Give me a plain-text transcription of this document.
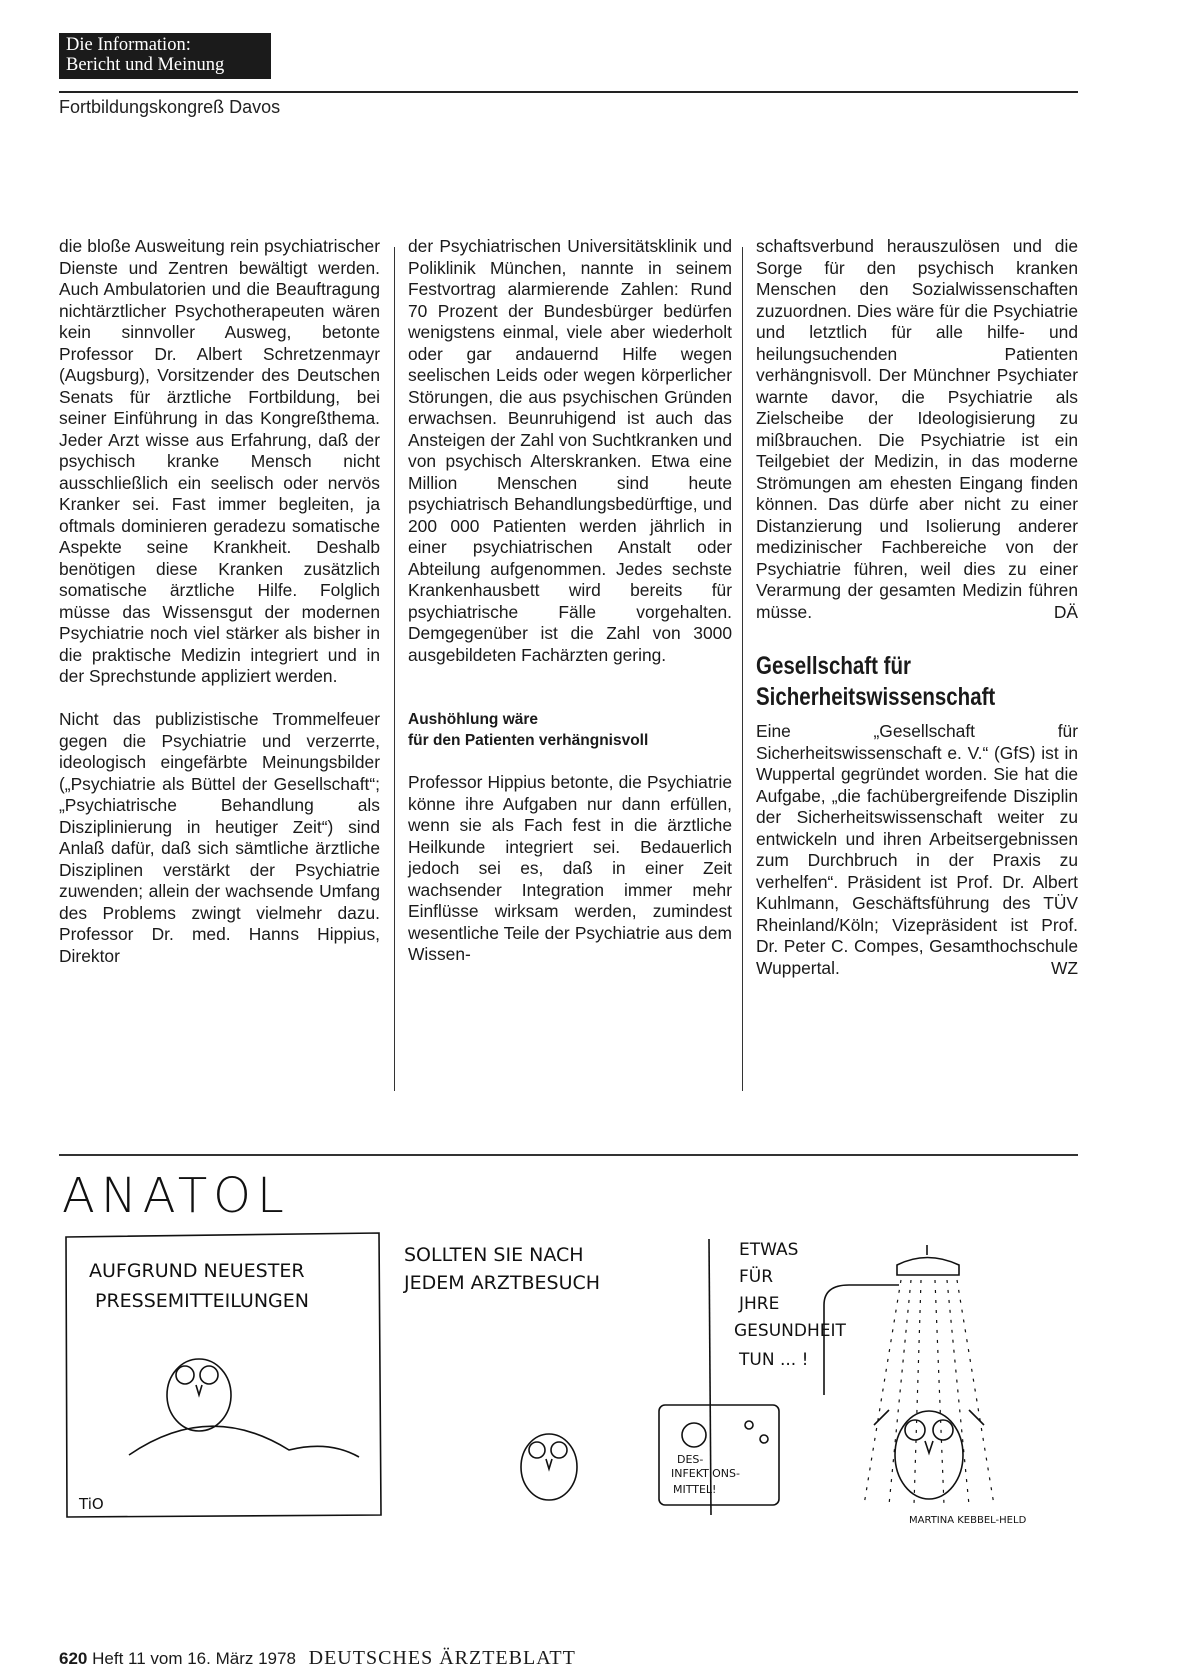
Die Information:
Bericht und Meinung
Fortbildungskongreß Davos

die bloße Ausweitung rein psychiatrischer Dienste und Zentren bewältigt werden. Auch Ambulatorien und die Beauftragung nichtärztlicher Psychotherapeuten wären kein sinnvoller Ausweg, betonte Professor Dr. Albert Schretzenmayr (Augsburg), Vorsitzender des Deutschen Senats für ärztliche Fortbildung, bei seiner Einführung in das Kongreßthema. Jeder Arzt wisse aus Erfahrung, daß der psychisch kranke Mensch nicht ausschließlich ein seelisch oder nervös Kranker sei. Fast immer begleiten, ja oftmals dominieren geradezu somatische Aspekte seine Krankheit. Deshalb benötigen diese Kranken zusätzlich somatische ärztliche Hilfe. Folglich müsse das Wissensgut der modernen Psychiatrie noch viel stärker als bisher in die praktische Medizin integriert und in der Sprechstunde appliziert werden.

Nicht das publizistische Trommelfeuer gegen die Psychiatrie und verzerrte, ideologisch eingefärbte Meinungsbilder („Psychiatrie als Büttel der Gesellschaft“; „Psychiatrische Behandlung als Disziplinierung in heutiger Zeit“) sind Anlaß dafür, daß sich sämtliche ärztliche Disziplinen verstärkt der Psychiatrie zuwenden; allein der wachsende Umfang des Problems zwingt vielmehr dazu. Professor Dr. med. Hanns Hippius, Direktor

der Psychiatrischen Universitätsklinik und Poliklinik München, nannte in seinem Festvortrag alarmierende Zahlen: Rund 70 Prozent der Bundesbürger bedürfen wenigstens einmal, viele aber wiederholt oder gar andauernd Hilfe wegen seelischen Leids oder wegen körperlicher Störungen, die aus psychischen Gründen erwachsen. Beunruhigend ist auch das Ansteigen der Zahl von Suchtkranken und von psychisch Alterskranken. Etwa eine Million Menschen sind heute psychiatrisch Behandlungsbedürftige, und 200 000 Patienten werden jährlich in einer psychiatrischen Anstalt oder Abteilung aufgenommen. Jedes sechste Krankenhausbett wird bereits für psychiatrische Fälle vorgehalten. Demgegenüber ist die Zahl von 3000 ausgebildeten Fachärzten gering.

Aushöhlung wäre
für den Patienten verhängnisvoll

Professor Hippius betonte, die Psychiatrie könne ihre Aufgaben nur dann erfüllen, wenn sie als Fach fest in die ärztliche Heilkunde integriert sei. Bedauerlich jedoch sei es, daß in einer Zeit wachsender Integration immer mehr Einflüsse wirksam werden, zumindest wesentliche Teile der Psychiatrie aus dem Wissen-

schaftsverbund herauszulösen und die Sorge für den psychisch kranken Menschen den Sozialwissenschaften zuzuordnen. Dies wäre für die Psychiatrie und letztlich für alle hilfe- und heilungsuchenden Patienten verhängnisvoll. Der Münchner Psychiater warnte davor, die Psychiatrie als Zielscheibe der Ideologisierung zu mißbrauchen. Die Psychiatrie ist ein Teilgebiet der Medizin, in das moderne Strömungen am ehesten Eingang finden können. Das dürfe aber nicht zu einer Distanzierung und Isolierung anderer medizinischer Fachbereiche von der Psychiatrie führen, weil dies zu einer Verarmung der gesamten Medizin führen müsse.	DÄ

Gesellschaft für
Sicherheitswissenschaft

Eine „Gesellschaft für Sicherheitswissenschaft e. V.“ (GfS) ist in Wuppertal gegründet worden. Sie hat die Aufgabe, „die fachübergreifende Disziplin der Sicherheitswissenschaft weiter zu entwickeln und ihren Arbeitsergebnissen zum Durchbruch in der Praxis zu verhelfen“. Präsident ist Prof. Dr. Albert Kuhlmann, Geschäftsführung des TÜV Rheinland/Köln; Vizepräsident ist Prof. Dr. Peter C. Compes, Gesamthochschule Wuppertal.	WZ

ANATOL
AUFGRUND NEUESTER
PRESSEMITTEILUNGEN
TiO
SOLLTEN SIE NACH
JEDEM ARZTBESUCH
ETWAS
FÜR
JHRE
GESUNDHEIT
TUN ... !
DES-
INFEKTIONS-
MITTEL!
MARTINA KEBBEL-HELD
620 Heft 11 vom 16. März 1978 DEUTSCHES ÄRZTEBLATT
